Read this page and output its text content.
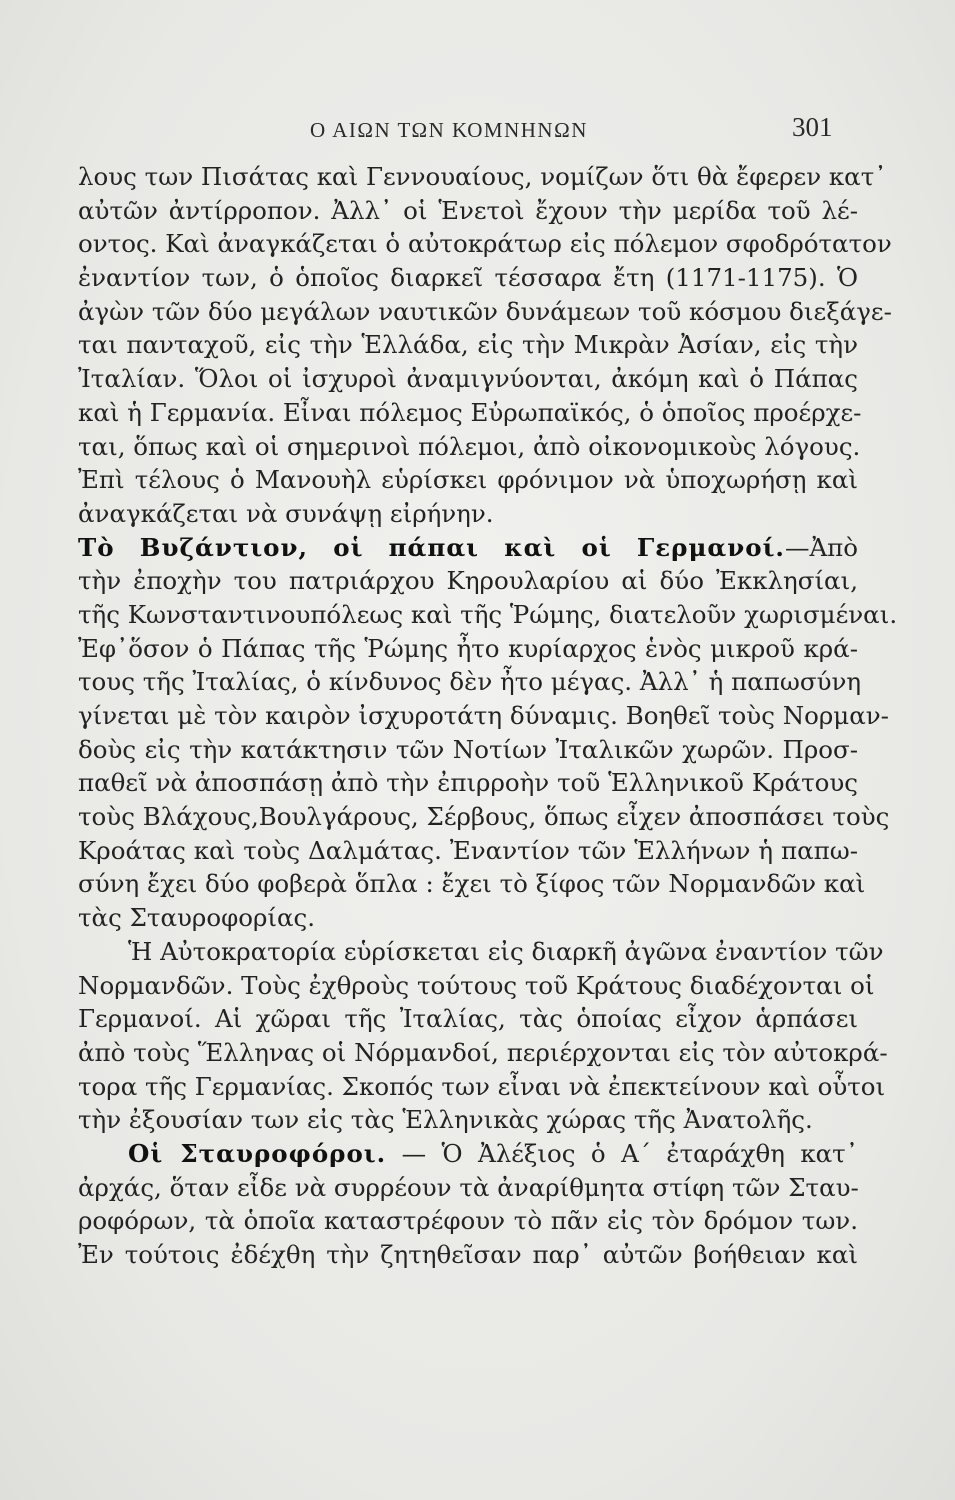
Ο ΑΙΩΝ ΤΩΝ ΚΟΜΝΗΝΩΝ	301
λους των Πισάτας καὶ Γεννουαίους, νομίζων ὅτι θὰ ἔφερεν κατ᾽
αὐτῶν ἀντίρροπον. Ἀλλ᾽ οἱ Ἑνετοὶ ἔχουν τὴν μερίδα τοῦ λέ-
οντος. Καὶ ἀναγκάζεται ὁ αὐτοκράτωρ εἰς πόλεμον σφοδρότατον
ἐναντίον των, ὁ ὁποῖος διαρκεῖ τέσσαρα ἔτη (1171-1175). Ὁ
ἀγὼν τῶν δύο μεγάλων ναυτικῶν δυνάμεων τοῦ κόσμου διεξάγε-
ται πανταχοῦ, εἰς τὴν Ἑλλάδα, εἰς τὴν Μικρὰν Ἀσίαν, εἰς τὴν
Ἰταλίαν. Ὅλοι οἱ ἰσχυροὶ ἀναμιγνύονται, ἀκόμη καὶ ὁ Πάπας
καὶ ἡ Γερμανία. Εἶναι πόλεμος Εὐρωπαϊκός, ὁ ὁποῖος προέρχε-
ται, ὅπως καὶ οἱ σημερινοὶ πόλεμοι, ἀπὸ οἰκονομικοὺς λόγους.
Ἐπὶ τέλους ὁ Μανουὴλ εὑρίσκει φρόνιμον νὰ ὑποχωρήσῃ καὶ
ἀναγκάζεται νὰ συνάψῃ εἰρήνην.
Τὸ Βυζάντιον, οἱ πάπαι καὶ οἱ Γερμανοί.—Ἀπὸ
τὴν ἐποχὴν του πατριάρχου Κηρουλαρίου αἱ δύο Ἐκκλησίαι,
τῆς Κωνσταντινουπόλεως καὶ τῆς Ῥώμης, διατελοῦν χωρισμέναι.
Ἐφ᾽ὅσον ὁ Πάπας τῆς Ῥώμης ἦτο κυρίαρχος ἑνὸς μικροῦ κρά-
τους τῆς Ἰταλίας, ὁ κίνδυνος δὲν ἦτο μέγας. Ἀλλ᾽ ἡ παπωσύνη
γίνεται μὲ τὸν καιρὸν ἰσχυροτάτη δύναμις. Βοηθεῖ τοὺς Νορμαν-
δοὺς εἰς τὴν κατάκτησιν τῶν Νοτίων Ἰταλικῶν χωρῶν. Προσ-
παθεῖ νὰ ἀποσπάσῃ ἀπὸ τὴν ἐπιρροὴν τοῦ Ἑλληνικοῦ Κράτους
τοὺς Βλάχους,Βουλγάρους, Σέρβους, ὅπως εἶχεν ἀποσπάσει τοὺς
Κροάτας καὶ τοὺς Δαλμάτας. Ἐναντίον τῶν Ἑλλήνων ἡ παπω-
σύνη ἔχει δύο φοβερὰ ὅπλα : ἔχει τὸ ξίφος τῶν Νορμανδῶν καὶ
τὰς Σταυροφορίας.
Ἡ Αὐτοκρατορία εὑρίσκεται εἰς διαρκῆ ἀγῶνα ἐναντίον τῶν
Νορμανδῶν. Τοὺς ἐχθροὺς τούτους τοῦ Κράτους διαδέχονται οἱ
Γερμανοί. Αἱ χῶραι τῆς Ἰταλίας, τὰς ὁποίας εἶχον ἁρπάσει
ἀπὸ τοὺς Ἕλληνας οἱ Νόρμανδοί, περιέρχονται εἰς τὸν αὐτοκρά-
τορα τῆς Γερμανίας. Σκοπός των εἶναι νὰ ἐπεκτείνουν καὶ οὗτοι
τὴν ἐξουσίαν των εἰς τὰς Ἑλληνικὰς χώρας τῆς Ἀνατολῆς.
Οἱ Σταυροφόροι. — Ὁ Ἀλέξιος ὁ Α´ ἐταράχθη κατ᾽
ἀρχάς, ὅταν εἶδε νὰ συρρέουν τὰ ἀναρίθμητα στίφη τῶν Σταυ-
ροφόρων, τὰ ὁποῖα καταστρέφουν τὸ πᾶν εἰς τὸν δρόμον των.
Ἐν τούτοις ἐδέχθη τὴν ζητηθεῖσαν παρ᾽ αὐτῶν βοήθειαν καὶ
